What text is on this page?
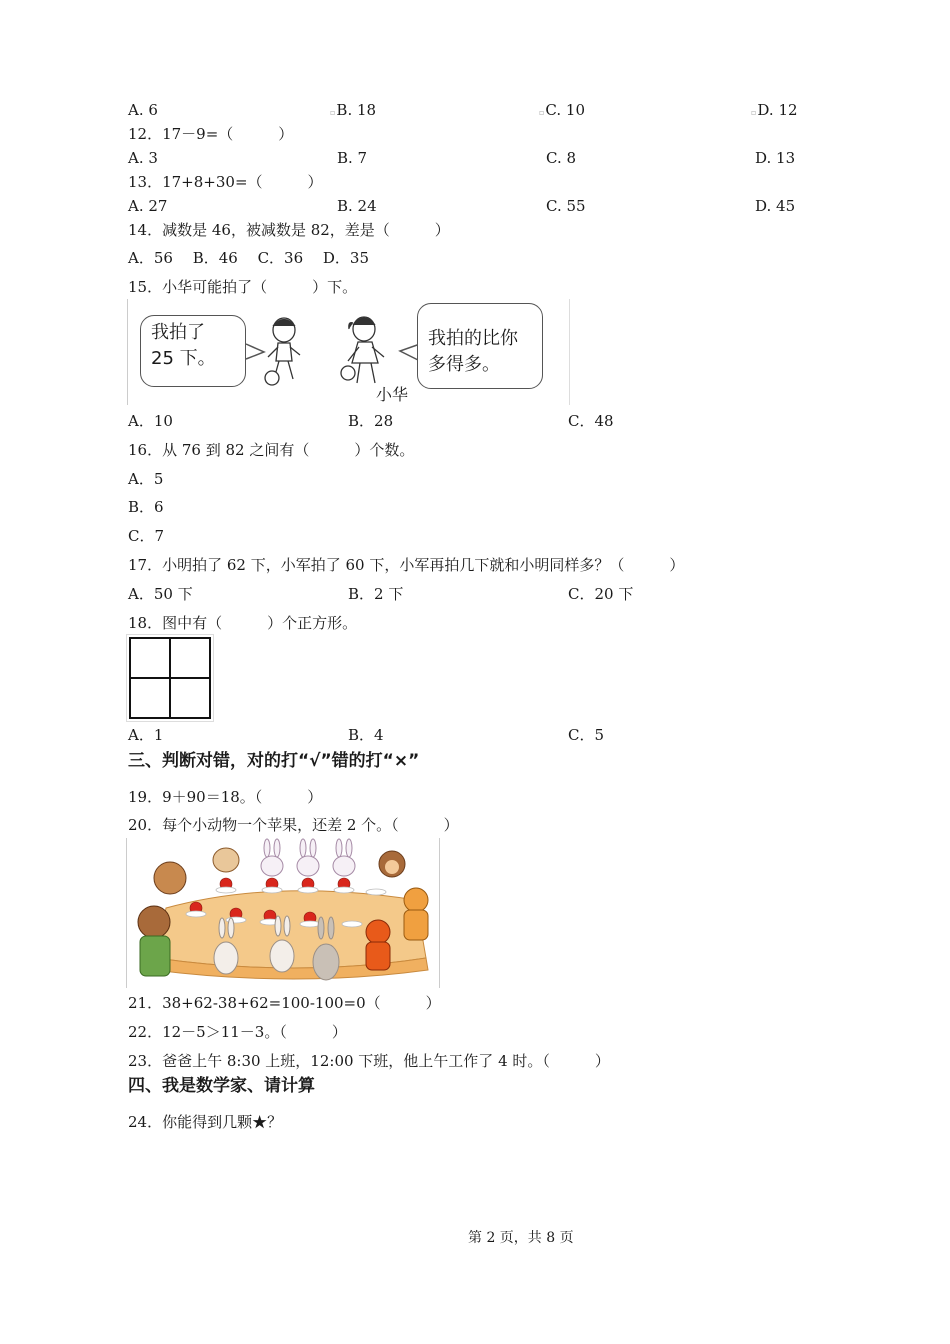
A. 6	▫B. 18	▫C. 10	▫D. 12
12．17－9=（　　　）
A. 3	B. 7	C. 8	D. 13
13．17+8+30=（　　　）
A. 27	B. 24	C. 55	D. 45
14．减数是 46，被减数是 82，差是（　　　）
A．56　 B．46　 C．36　 D．35
15．小华可能拍了（　　　）下。
我拍了
25 下。
我拍的比你
多得多。
小华
A．10	B．28	C．48
16．从 76 到 82 之间有（　　　）个数。
A．5
B．6
C．7
17．小明拍了 62 下，小军拍了 60 下，小军再拍几下就和小明同样多？（　　　）
A．50 下	B．2 下	C．20 下
18．图中有（　　　）个正方形。
A．1	B．4	C．5
三、判断对错，对的打“√”错的打“×”
19．9＋90＝18。（　　　）
20．每个小动物一个苹果，还差 2 个。（　　　）
21．38+62-38+62=100-100=0（　　　）
22．12－5＞11－3。（　　　）
23．爸爸上午 8:30 上班，12:00 下班，他上午工作了 4 时。（　　　）
四、我是数学家、请计算
24．你能得到几颗★？
第 2 页，共 8 页
